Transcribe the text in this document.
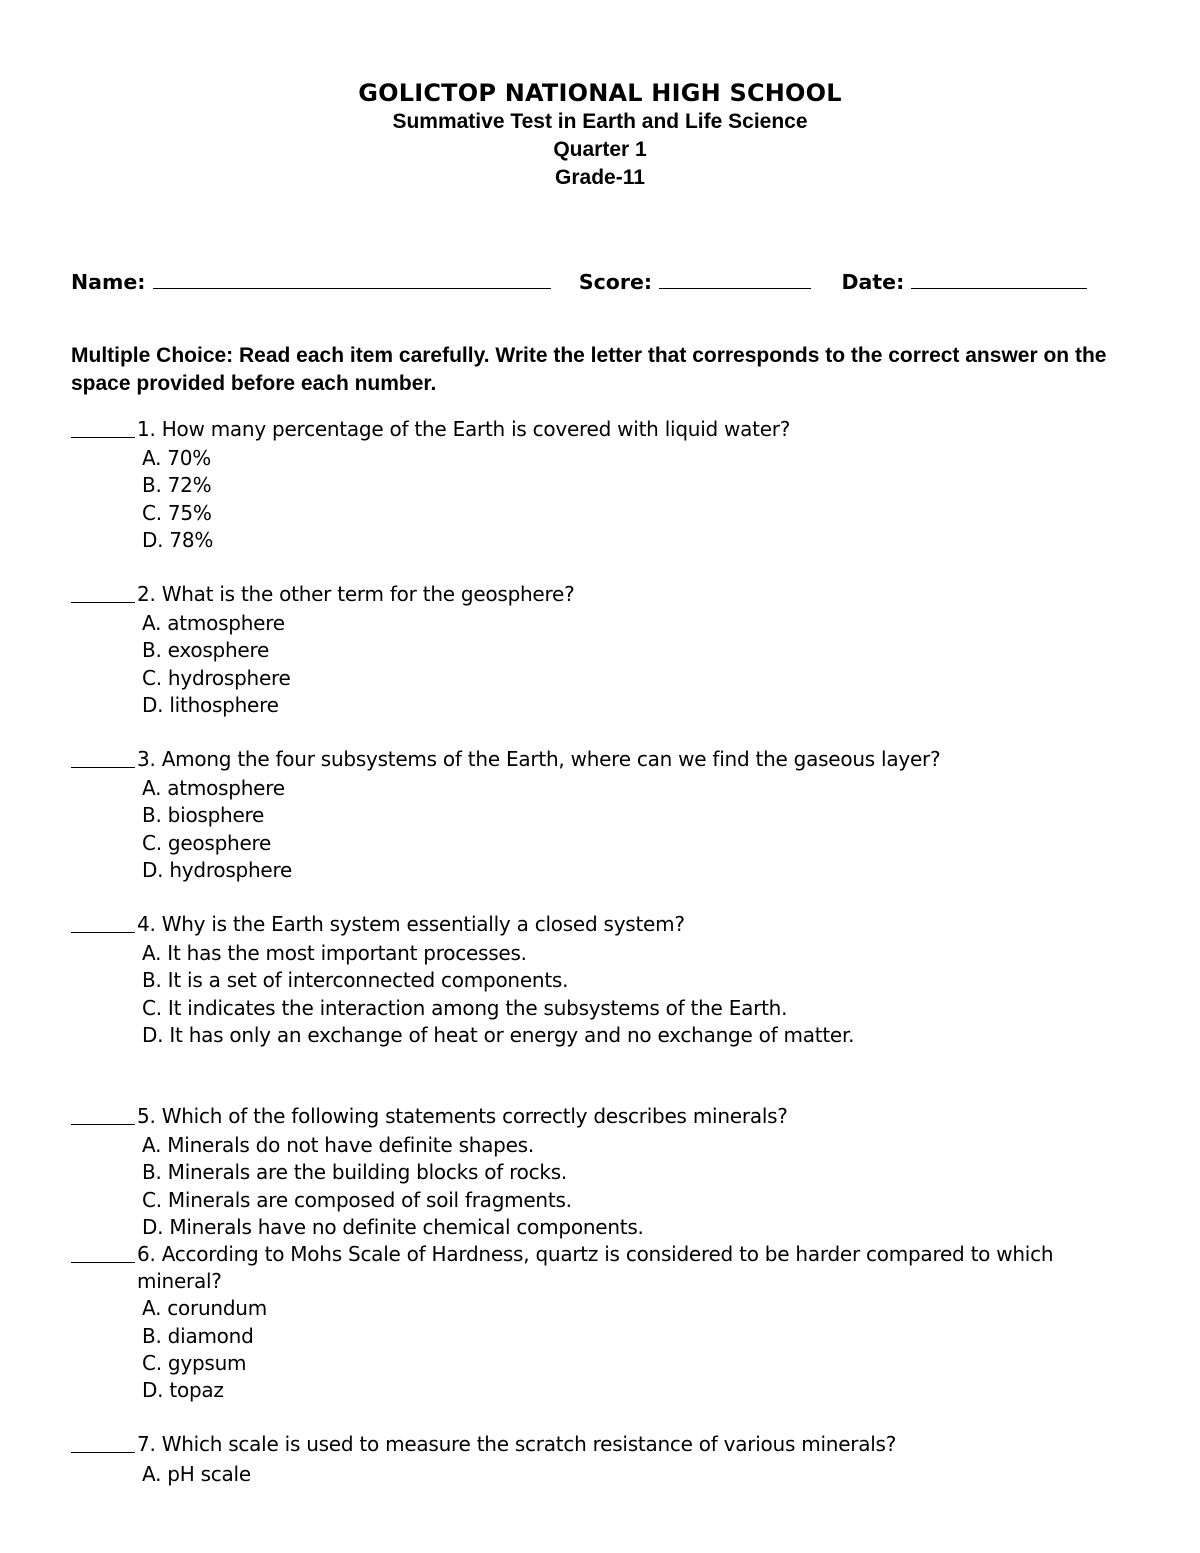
GOLICTOP NATIONAL HIGH SCHOOL
Summative Test in Earth and Life Science
Quarter 1
Grade-11
Name:	Score:	Date:
Multiple Choice: Read each item carefully. Write the letter that corresponds to the correct answer on the space provided before each number.
1. How many percentage of the Earth is covered with liquid water?
A. 70%
B. 72%
C. 75%
D. 78%
2. What is the other term for the geosphere?
A. atmosphere
B. exosphere
C. hydrosphere
D. lithosphere
3. Among the four subsystems of the Earth, where can we find the gaseous layer?
A. atmosphere
B. biosphere
C. geosphere
D. hydrosphere
4. Why is the Earth system essentially a closed system?
A. It has the most important processes.
B. It is a set of interconnected components.
C. It indicates the interaction among the subsystems of the Earth.
D. It has only an exchange of heat or energy and no exchange of matter.
5. Which of the following statements correctly describes minerals?
A. Minerals do not have definite shapes.
B. Minerals are the building blocks of rocks.
C. Minerals are composed of soil fragments.
D. Minerals have no definite chemical components.
6. According to Mohs Scale of Hardness, quartz is considered to be harder compared to which mineral?
A. corundum
B. diamond
C. gypsum
D. topaz
7. Which scale is used to measure the scratch resistance of various minerals?
A. pH scale
